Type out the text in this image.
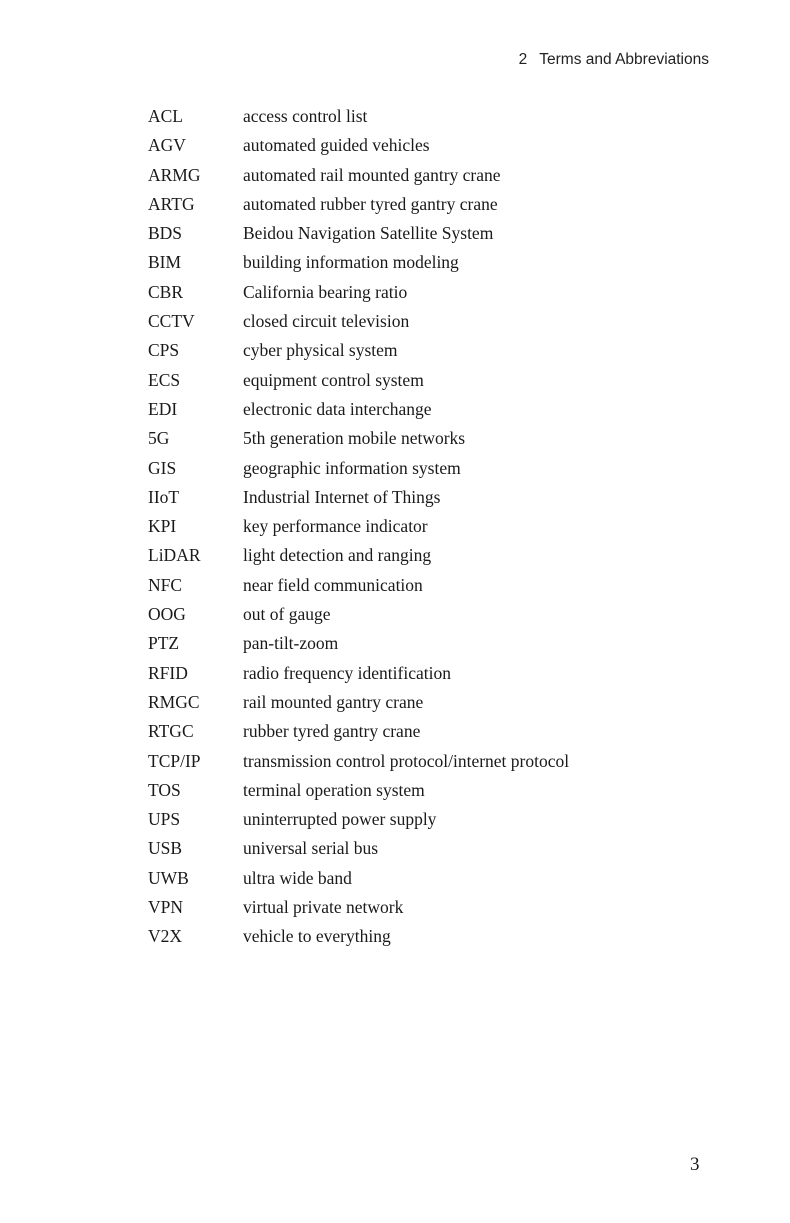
2 Terms and Abbreviations
ACL	access control list
AGV	automated guided vehicles
ARMG	automated rail mounted gantry crane
ARTG	automated rubber tyred gantry crane
BDS	Beidou Navigation Satellite System
BIM	building information modeling
CBR	California bearing ratio
CCTV	closed circuit television
CPS	cyber physical system
ECS	equipment control system
EDI	electronic data interchange
5G	5th generation mobile networks
GIS	geographic information system
IIoT	Industrial Internet of Things
KPI	key performance indicator
LiDAR	light detection and ranging
NFC	near field communication
OOG	out of gauge
PTZ	pan-tilt-zoom
RFID	radio frequency identification
RMGC	rail mounted gantry crane
RTGC	rubber tyred gantry crane
TCP/IP	transmission control protocol/internet protocol
TOS	terminal operation system
UPS	uninterrupted power supply
USB	universal serial bus
UWB	ultra wide band
VPN	virtual private network
V2X	vehicle to everything
3
